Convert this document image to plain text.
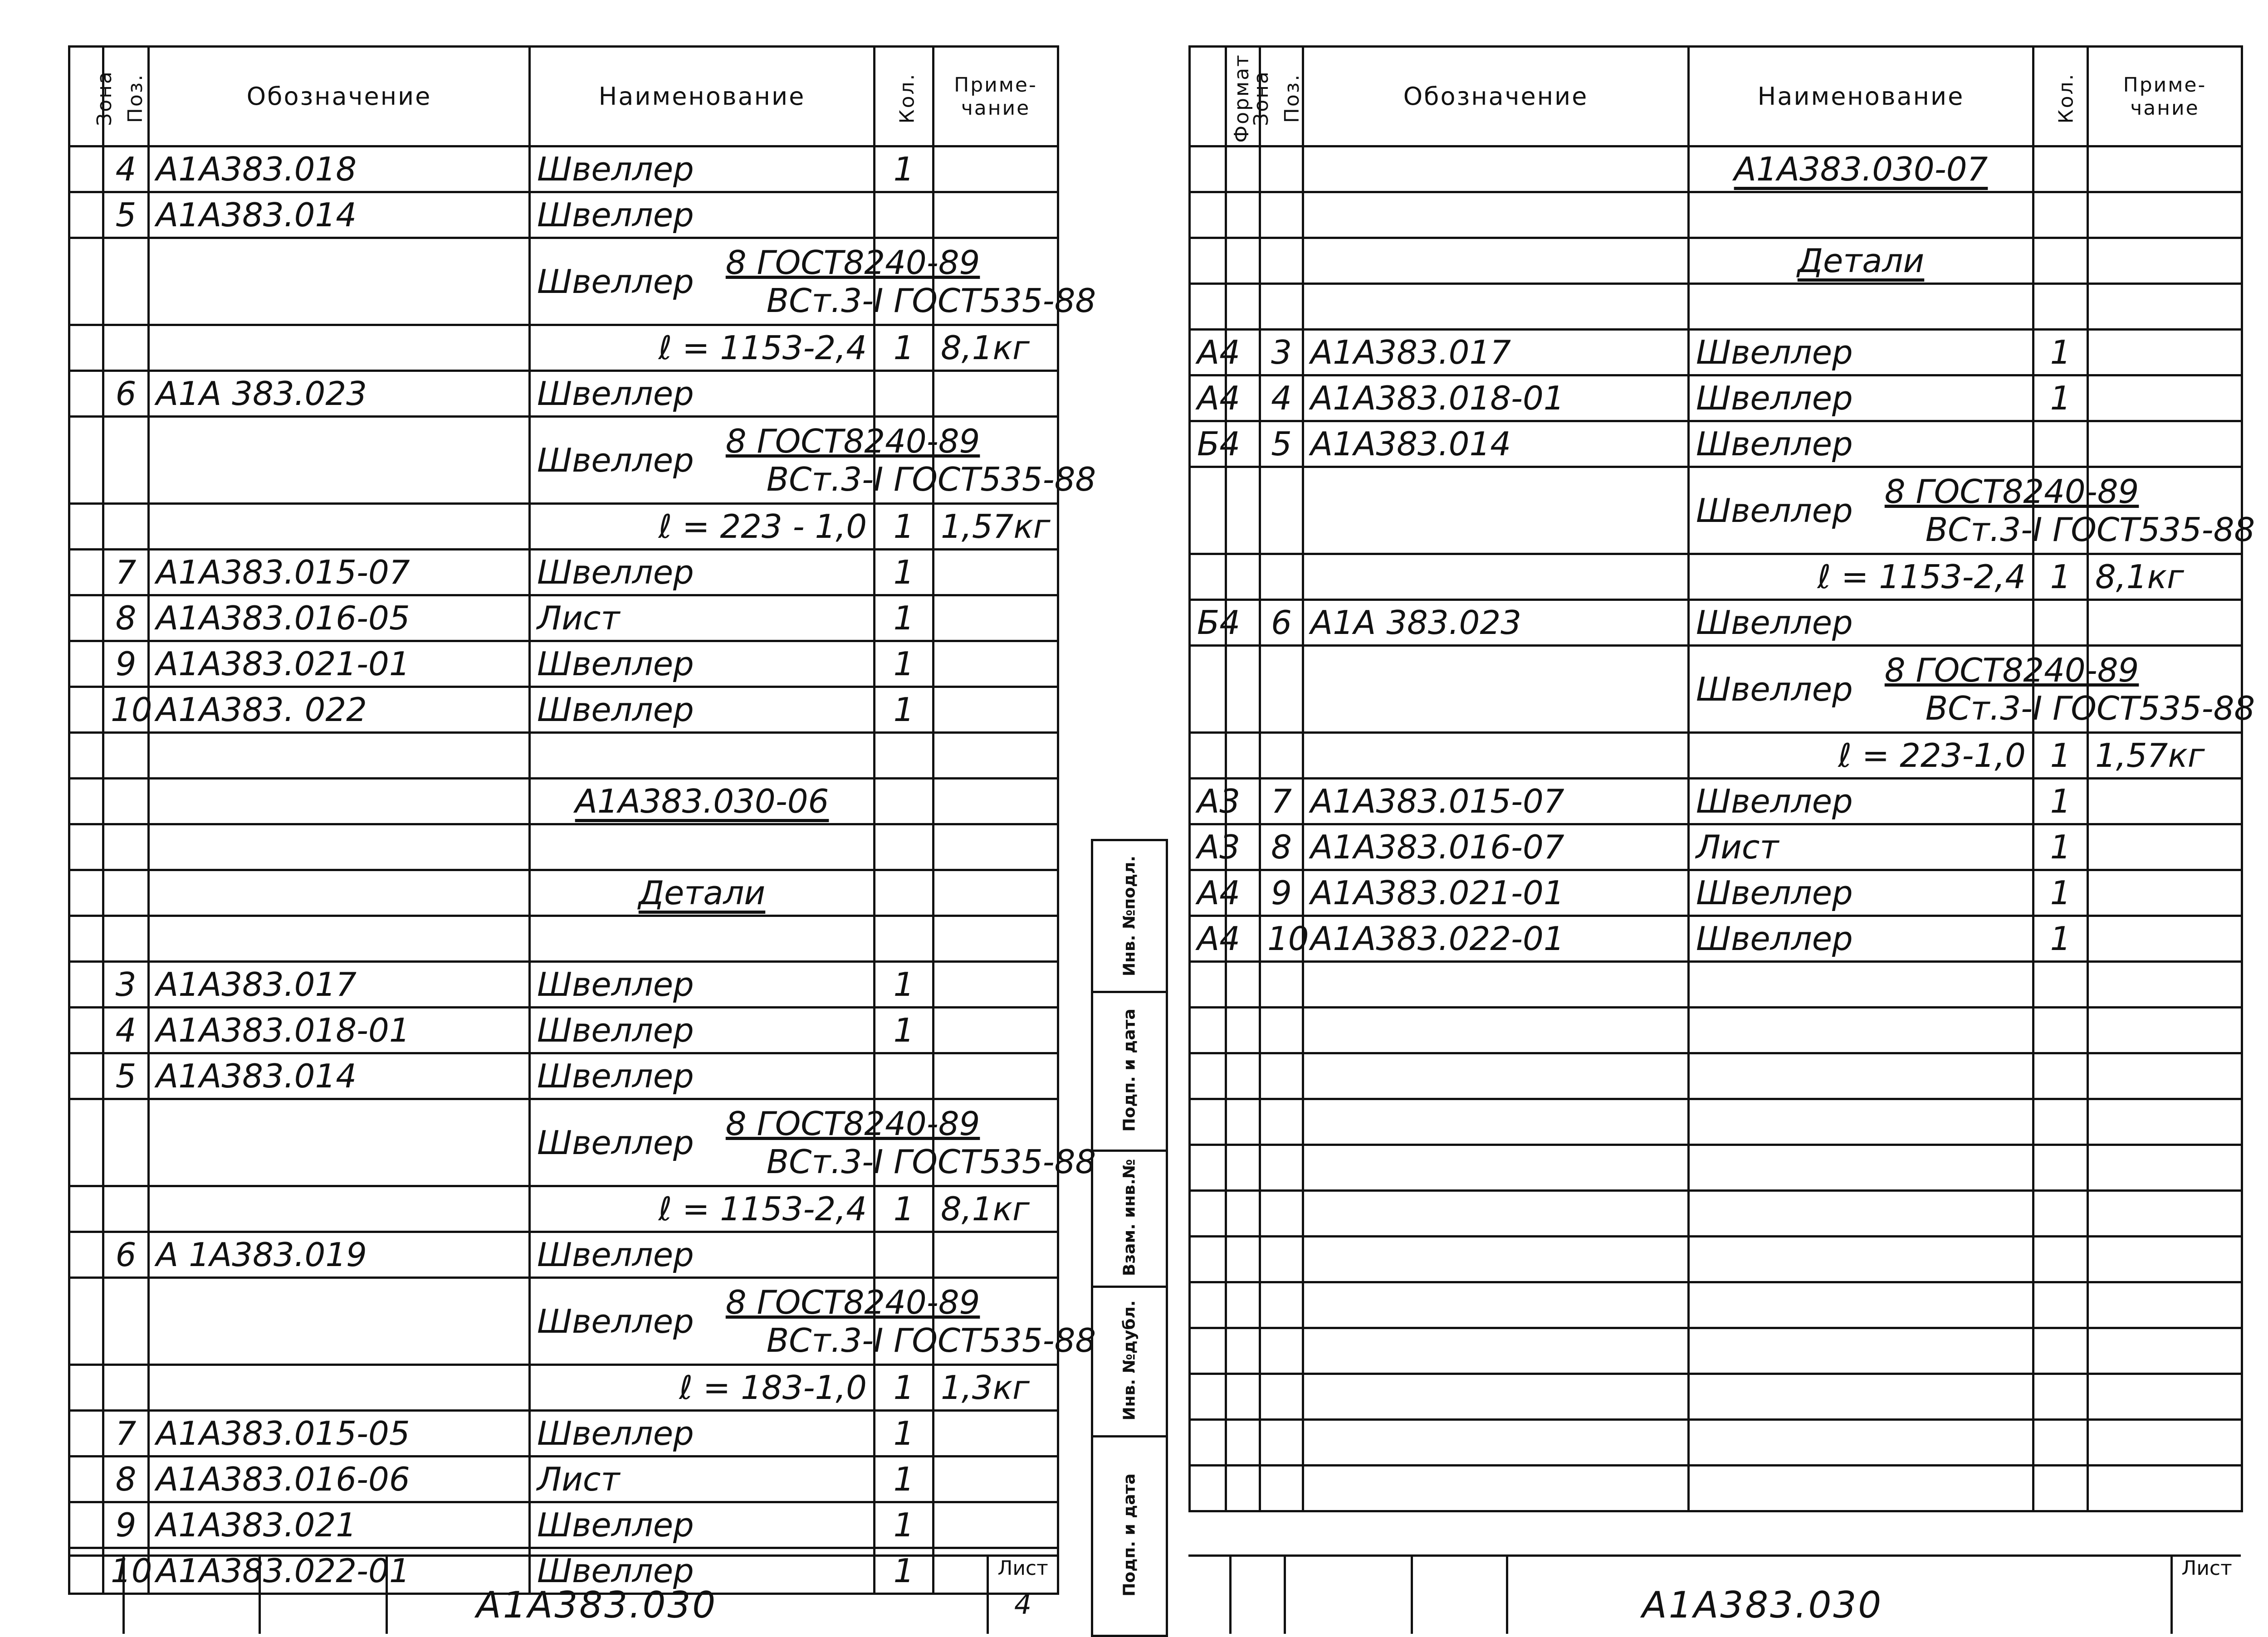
Зона	Поз.	Обозначение	Наименование	Кол.	Приме-чание
	4	А1А383.018	Швеллер	1	
	5	А1А383.014	Швеллер		
			Швеллер 8 ГОСТ8240-89
ВСт.3-I ГОСТ535-88		

			ℓ = 1153-2,4	1	8,1кг
	6	А1А 383.023	Швеллер		
			Швеллер 8 ГОСТ8240-89
ВСт.3-I ГОСТ535-88		

			ℓ = 223 - 1,0	1	1,57кг
	7	А1А383.015-07	Швеллер	1	
	8	А1А383.016-05	Лист	1	
	9	А1А383.021-01	Швеллер	1	
	10	А1А383. 022	Швеллер	1	

			А1А383.030-06		

			Детали		

	3	А1А383.017	Швеллер	1	
	4	А1А383.018-01	Швеллер	1	
	5	А1А383.014	Швеллер		
			Швеллер 8 ГОСТ8240-89
ВСт.3-I ГОСТ535-88		

			ℓ = 1153-2,4	1	8,1кг
	6	А 1А383.019	Швеллер		
			Швеллер 8 ГОСТ8240-89
ВСт.3-I ГОСТ535-88		

			ℓ = 183-1,0	1	1,3кг
	7	А1А383.015-05	Швеллер	1	
	8	А1А383.016-06	Лист	1	
	9	А1А383.021	Швеллер	1	
	10	А1А383.022-01	Швеллер	1	
А1А383.030
Лист
4
Инв. №подл.
Подп. и дата
Взам. инв.№
Инв. №дубл.
Подп. и дата
Формат	Зона	Поз.	Обозначение	Наименование	Кол.	Приме-чание
				А1А383.030-07		

				Детали		

А4		3	А1А383.017	Швеллер	1	
А4		4	А1А383.018-01	Швеллер	1	
Б4		5	А1А383.014	Швеллер		
				Швеллер 8 ГОСТ8240-89
ВСт.3-I ГОСТ535-88		

				ℓ = 1153-2,4	1	8,1кг
Б4		6	А1А 383.023	Швеллер		
				Швеллер 8 ГОСТ8240-89
ВСт.3-I ГОСТ535-88		

				ℓ = 223-1,0	1	1,57кг
А3		7	А1А383.015-07	Швеллер	1	
А3		8	А1А383.016-07	Лист	1	
А4		9	А1А383.021-01	Швеллер	1	
А4		10	А1А383.022-01	Швеллер	1	

А1А383.030
Лист
